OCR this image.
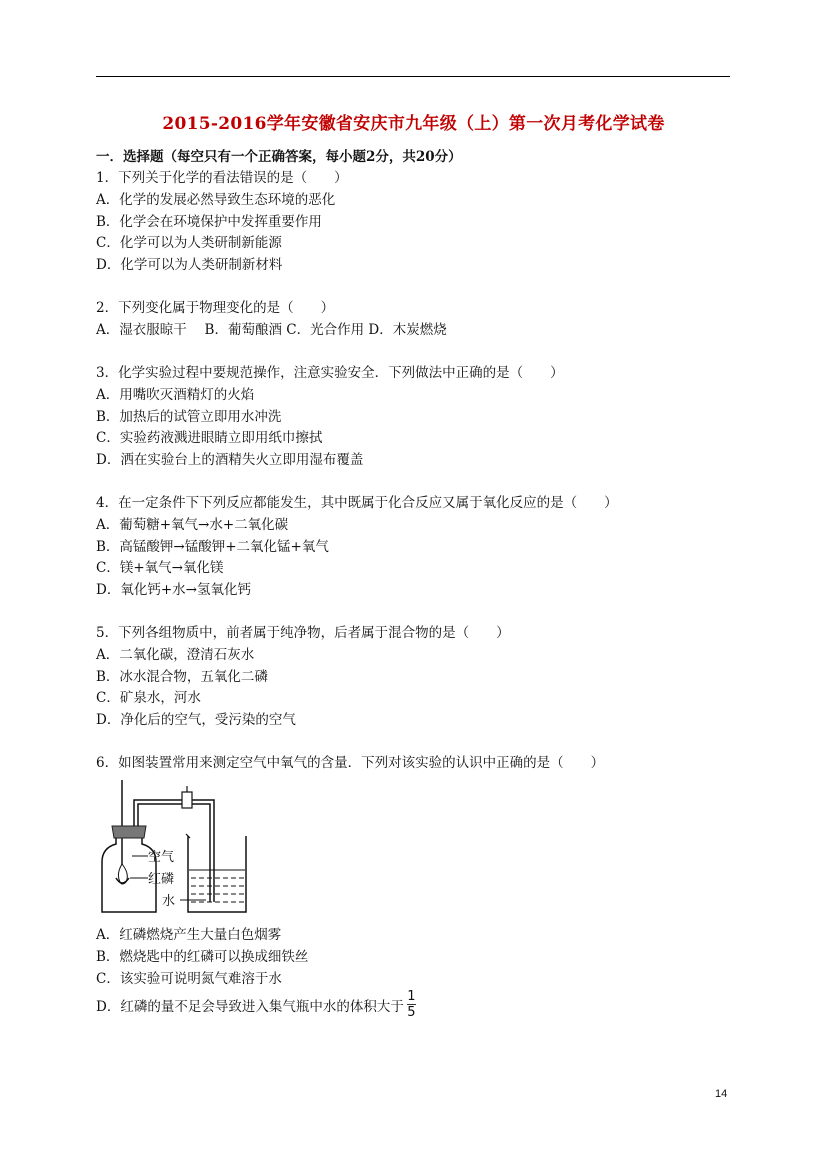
2015-2016学年安徽省安庆市九年级（上）第一次月考化学试卷
一．选择题（每空只有一个正确答案，每小题2分，共20分）
1．下列关于化学的看法错误的是（　　）
A．化学的发展必然导致生态环境的恶化
B．化学会在环境保护中发挥重要作用
C．化学可以为人类研制新能源
D．化学可以为人类研制新材料
2．下列变化属于物理变化的是（　　）
A．湿衣服晾干　 B．葡萄酿酒 C．光合作用 D．木炭燃烧
3．化学实验过程中要规范操作，注意实验安全．下列做法中正确的是（　　）
A．用嘴吹灭酒精灯的火焰
B．加热后的试管立即用水冲洗
C．实验药液溅进眼睛立即用纸巾擦拭
D．洒在实验台上的酒精失火立即用湿布覆盖
4．在一定条件下下列反应都能发生，其中既属于化合反应又属于氧化反应的是（　　）
A．葡萄糖+氧气→水+二氧化碳
B．高锰酸钾→锰酸钾+二氧化锰+氧气
C．镁+氧气→氧化镁
D．氧化钙+水→氢氧化钙
5．下列各组物质中，前者属于纯净物，后者属于混合物的是（　　）
A．二氧化碳，澄清石灰水
B．冰水混合物，五氧化二磷
C．矿泉水，河水
D．净化后的空气，受污染的空气
6．如图装置常用来测定空气中氧气的含量．下列对该实验的认识中正确的是（　　）
空气
红磷
水
A．红磷燃烧产生大量白色烟雾
B．燃烧匙中的红磷可以换成细铁丝
C．该实验可说明氮气难溶于水
D．红磷的量不足会导致进入集气瓶中水的体积大于 $\frac{1}{5}$
14
